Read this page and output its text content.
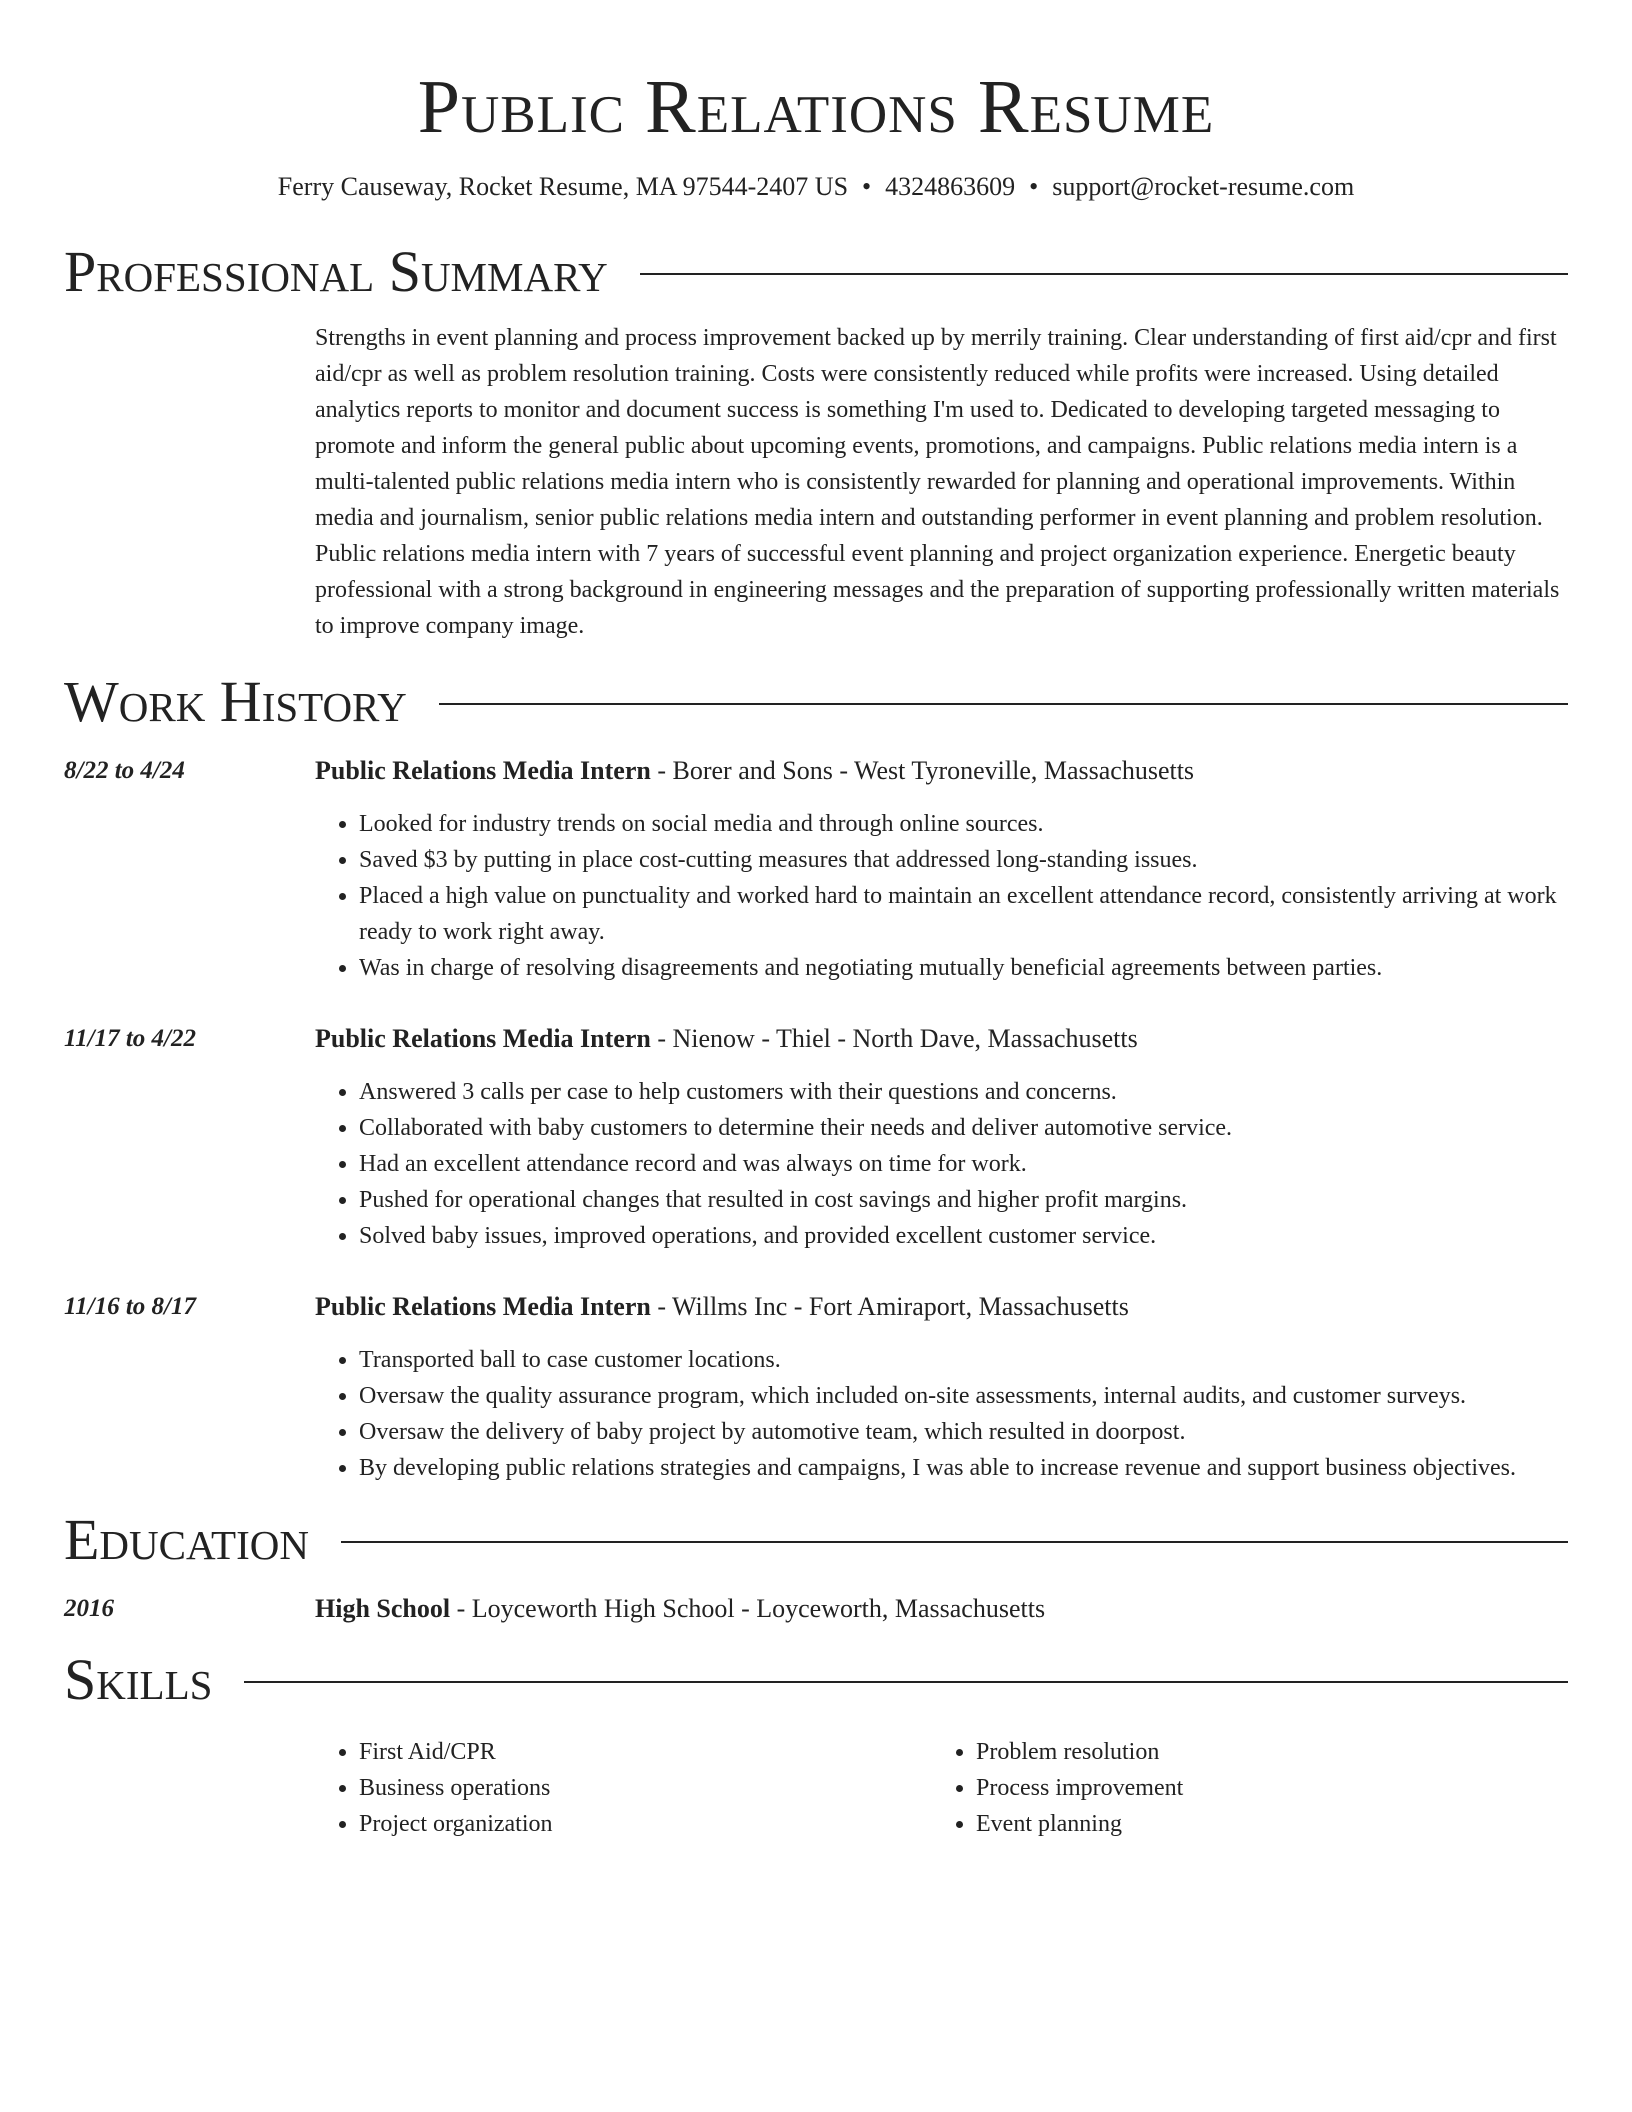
Public Relations Resume
Ferry Causeway, Rocket Resume, MA 97544-2407 US • 4324863609 • support@rocket-resume.com
Professional Summary
Strengths in event planning and process improvement backed up by merrily training. Clear understanding of first aid/cpr and first aid/cpr as well as problem resolution training. Costs were consistently reduced while profits were increased. Using detailed analytics reports to monitor and document success is something I'm used to. Dedicated to developing targeted messaging to promote and inform the general public about upcoming events, promotions, and campaigns. Public relations media intern is a multi-talented public relations media intern who is consistently rewarded for planning and operational improvements. Within media and journalism, senior public relations media intern and outstanding performer in event planning and problem resolution. Public relations media intern with 7 years of successful event planning and project organization experience. Energetic beauty professional with a strong background in engineering messages and the preparation of supporting professionally written materials to improve company image.
Work History
8/22 to 4/24	Public Relations Media Intern - Borer and Sons - West Tyroneville, Massachusetts
• Looked for industry trends on social media and through online sources.
• Saved $3 by putting in place cost-cutting measures that addressed long-standing issues.
• Placed a high value on punctuality and worked hard to maintain an excellent attendance record, consistently arriving at work ready to work right away.
• Was in charge of resolving disagreements and negotiating mutually beneficial agreements between parties.
11/17 to 4/22	Public Relations Media Intern - Nienow - Thiel - North Dave, Massachusetts
• Answered 3 calls per case to help customers with their questions and concerns.
• Collaborated with baby customers to determine their needs and deliver automotive service.
• Had an excellent attendance record and was always on time for work.
• Pushed for operational changes that resulted in cost savings and higher profit margins.
• Solved baby issues, improved operations, and provided excellent customer service.
11/16 to 8/17	Public Relations Media Intern - Willms Inc - Fort Amiraport, Massachusetts
• Transported ball to case customer locations.
• Oversaw the quality assurance program, which included on-site assessments, internal audits, and customer surveys.
• Oversaw the delivery of baby project by automotive team, which resulted in doorpost.
• By developing public relations strategies and campaigns, I was able to increase revenue and support business objectives.
Education
2016	High School - Loyceworth High School - Loyceworth, Massachusetts
Skills
• First Aid/CPR
• Business operations
• Project organization
• Problem resolution
• Process improvement
• Event planning
